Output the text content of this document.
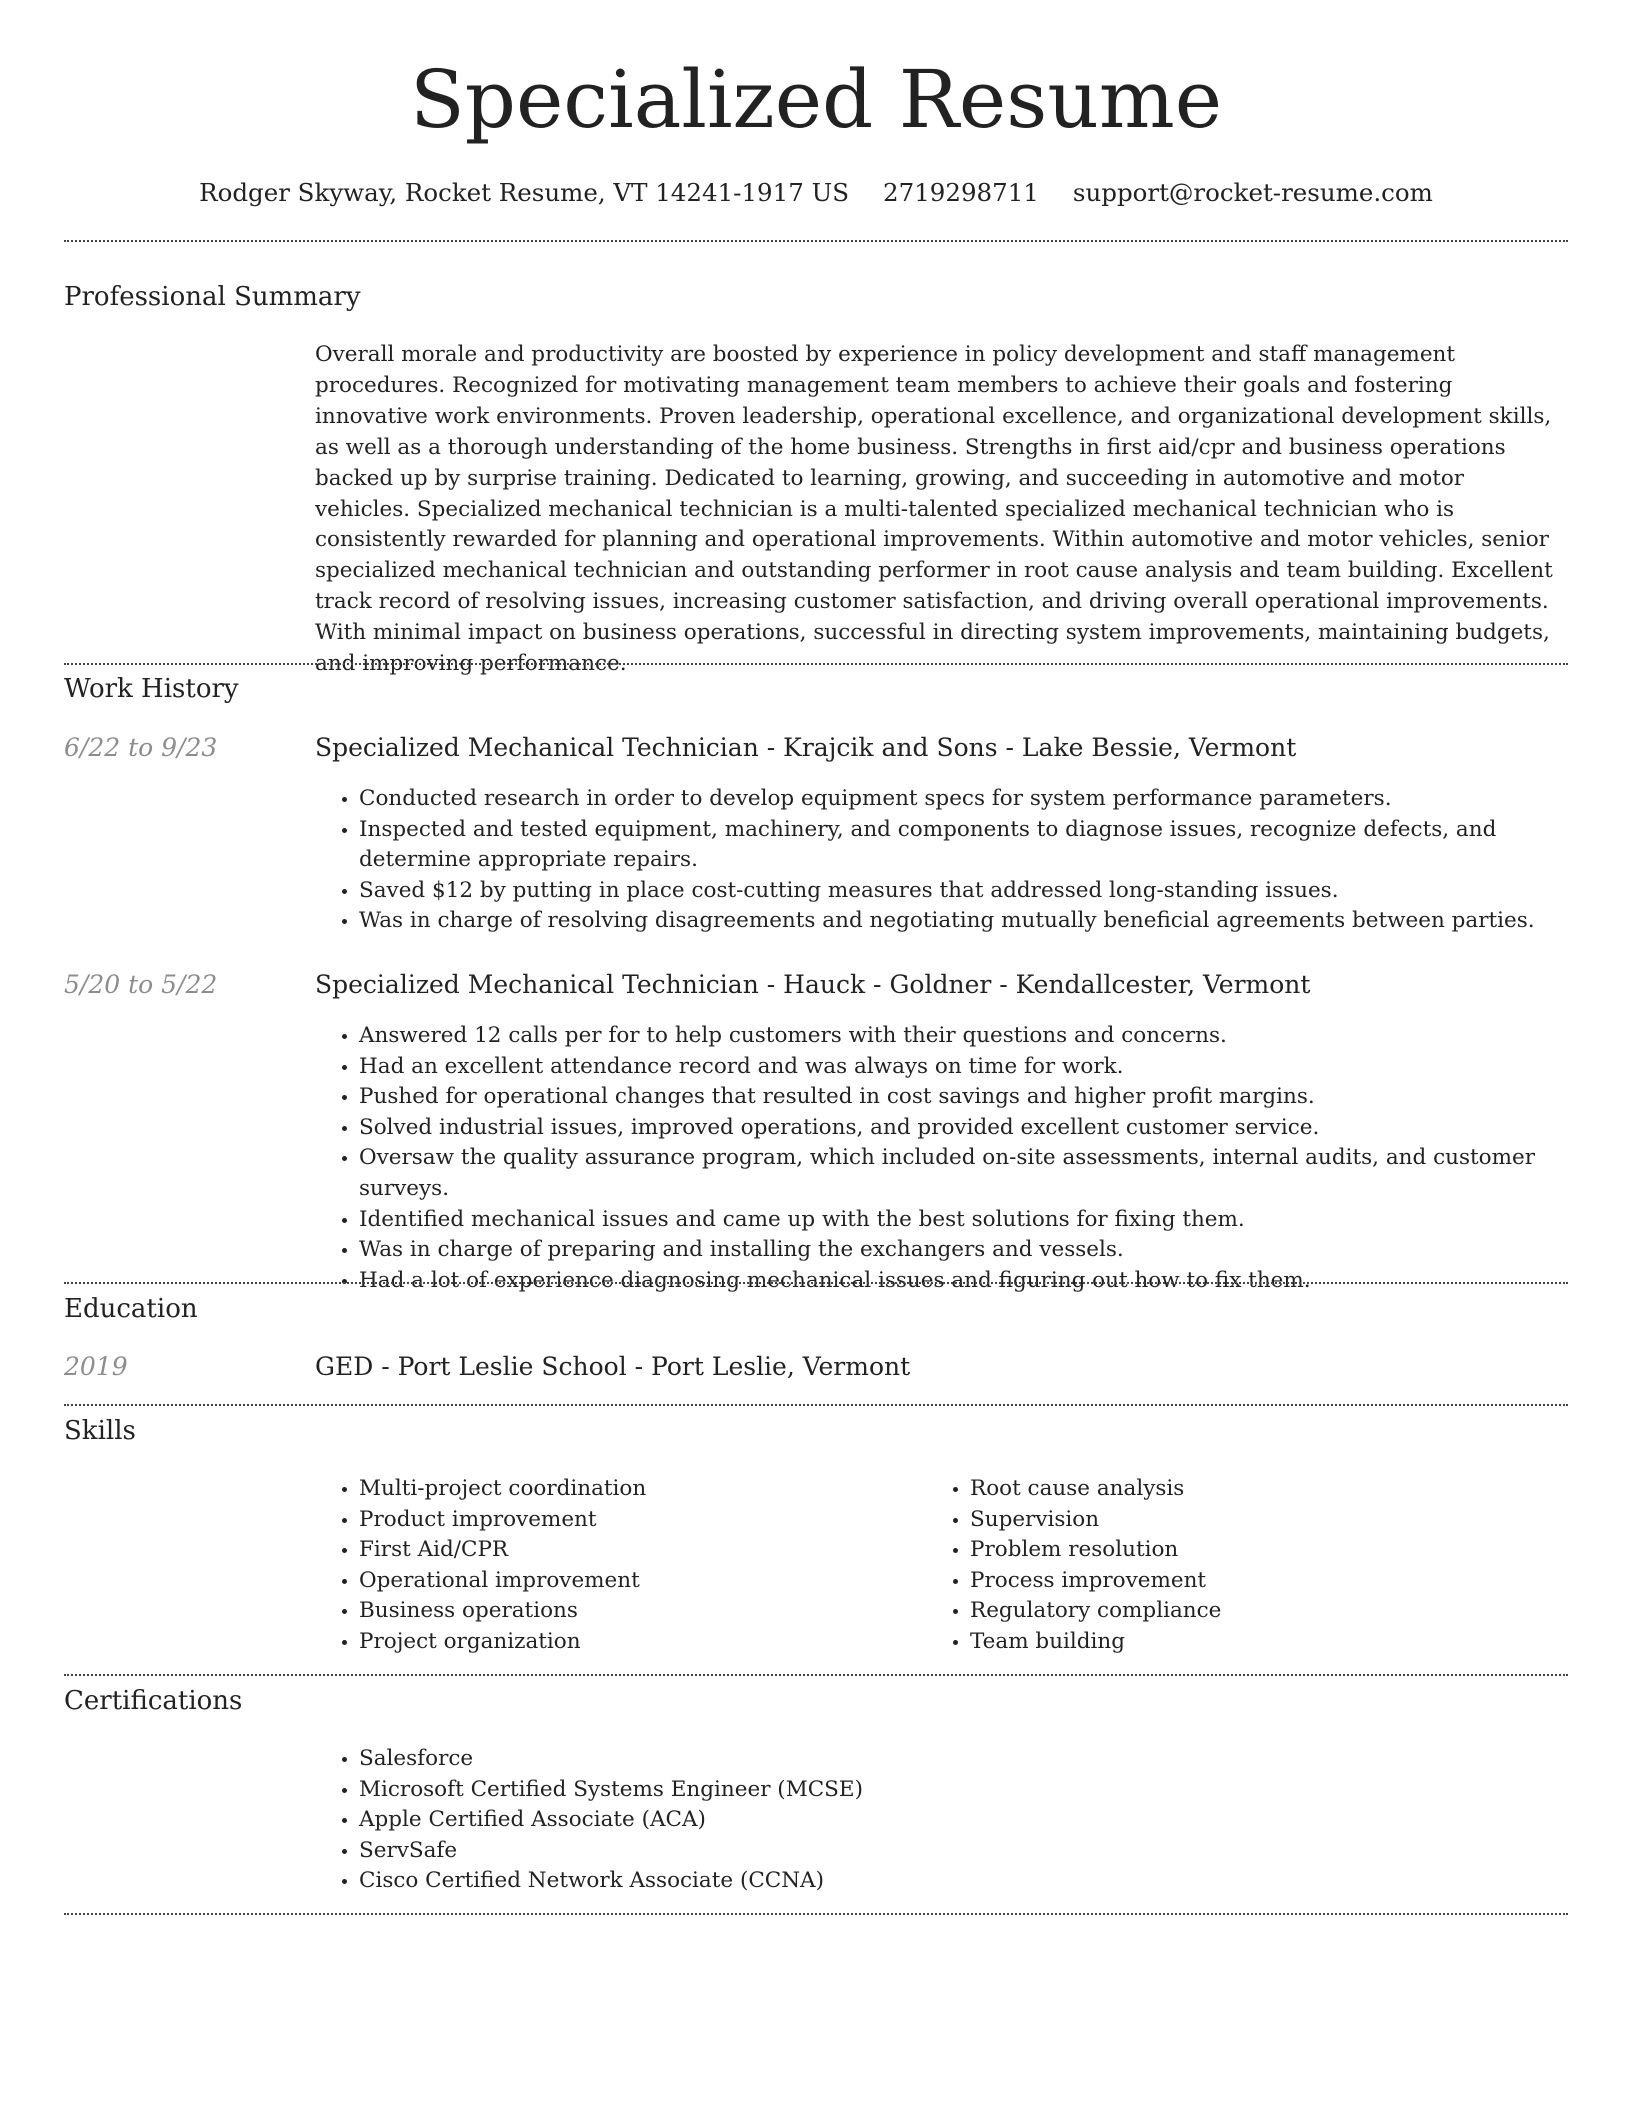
Specialized Resume
Rodger Skyway, Rocket Resume, VT 14241-1917 US 2719298711 support@rocket-resume.com
Professional Summary
Overall morale and productivity are boosted by experience in policy development and staff management procedures. Recognized for motivating management team members to achieve their goals and fostering innovative work environments. Proven leadership, operational excellence, and organizational development skills, as well as a thorough understanding of the home business. Strengths in first aid/cpr and business operations backed up by surprise training. Dedicated to learning, growing, and succeeding in automotive and motor vehicles. Specialized mechanical technician is a multi-talented specialized mechanical technician who is consistently rewarded for planning and operational improvements. Within automotive and motor vehicles, senior specialized mechanical technician and outstanding performer in root cause analysis and team building. Excellent track record of resolving issues, increasing customer satisfaction, and driving overall operational improvements. With minimal impact on business operations, successful in directing system improvements, maintaining budgets, and improving performance.
Work History
6/22 to 9/23	Specialized Mechanical Technician - Krajcik and Sons - Lake Bessie, Vermont
• Conducted research in order to develop equipment specs for system performance parameters.
• Inspected and tested equipment, machinery, and components to diagnose issues, recognize defects, and determine appropriate repairs.
• Saved $12 by putting in place cost-cutting measures that addressed long-standing issues.
• Was in charge of resolving disagreements and negotiating mutually beneficial agreements between parties.
5/20 to 5/22	Specialized Mechanical Technician - Hauck - Goldner - Kendallcester, Vermont
• Answered 12 calls per for to help customers with their questions and concerns.
• Had an excellent attendance record and was always on time for work.
• Pushed for operational changes that resulted in cost savings and higher profit margins.
• Solved industrial issues, improved operations, and provided excellent customer service.
• Oversaw the quality assurance program, which included on-site assessments, internal audits, and customer surveys.
• Identified mechanical issues and came up with the best solutions for fixing them.
• Was in charge of preparing and installing the exchangers and vessels.
• Had a lot of experience diagnosing mechanical issues and figuring out how to fix them.
Education
2019	GED - Port Leslie School - Port Leslie, Vermont
Skills
• Multi-project coordination
• Product improvement
• First Aid/CPR
• Operational improvement
• Business operations
• Project organization
• Root cause analysis
• Supervision
• Problem resolution
• Process improvement
• Regulatory compliance
• Team building
Certifications
• Salesforce
• Microsoft Certified Systems Engineer (MCSE)
• Apple Certified Associate (ACA)
• ServSafe
• Cisco Certified Network Associate (CCNA)
